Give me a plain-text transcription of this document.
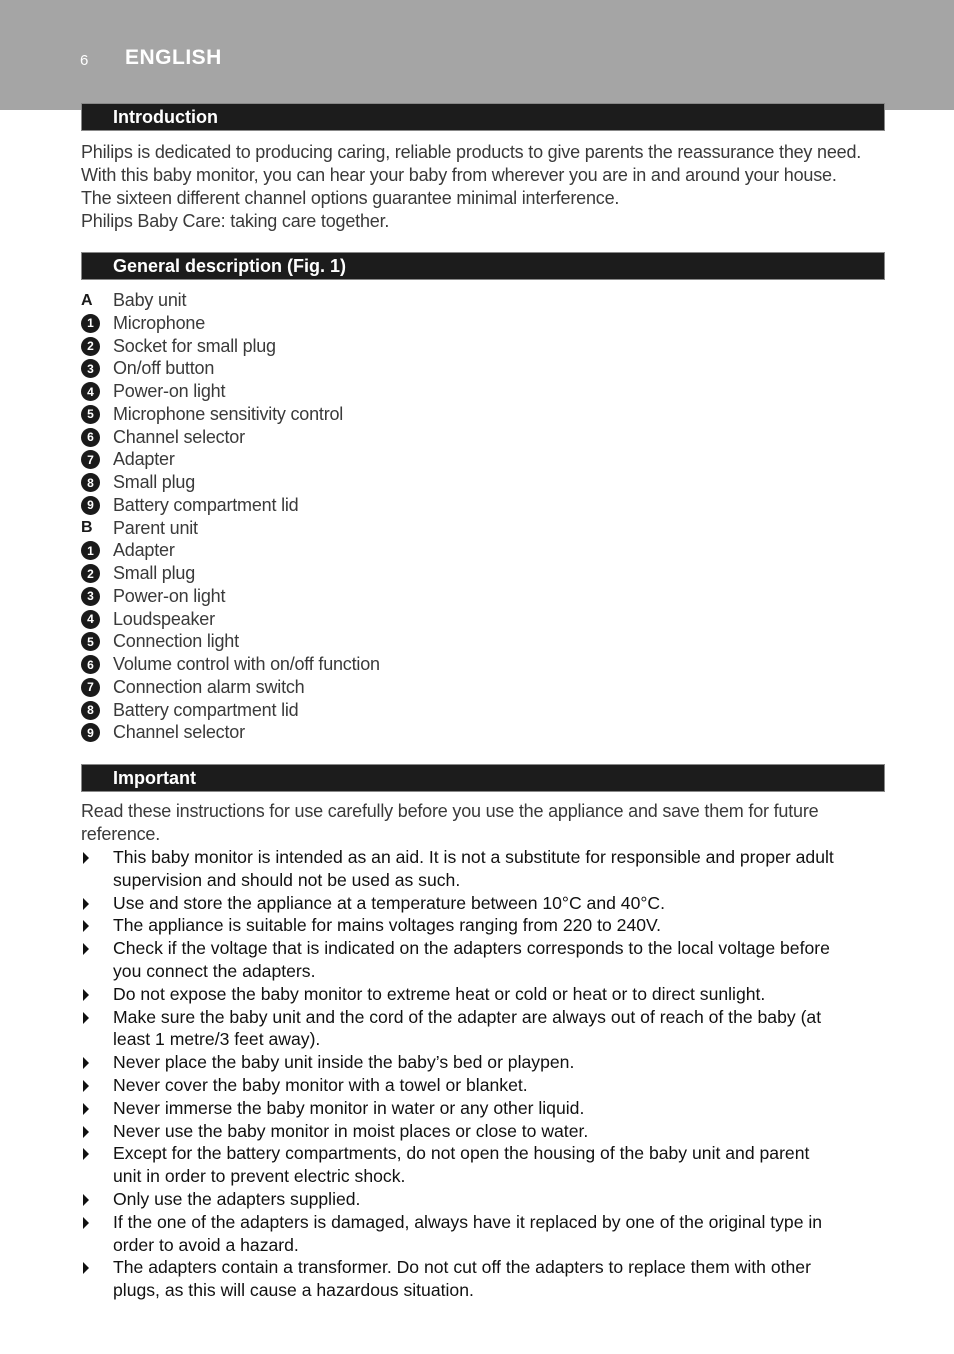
6 ENGLISH
Introduction
Philips is dedicated to producing caring, reliable products to give parents the reassurance they need.
With this baby monitor, you can hear your baby from wherever you are in and around your house.
The sixteen different channel options guarantee minimal interference.
Philips Baby Care: taking care together.
General description (Fig. 1)
A	Baby unit
1	Microphone
2	Socket for small plug
3	On/off button
4	Power-on light
5	Microphone sensitivity control
6	Channel selector
7	Adapter
8	Small plug
9	Battery compartment lid
B	Parent unit
1	Adapter
2	Small plug
3	Power-on light
4	Loudspeaker
5	Connection light
6	Volume control with on/off function
7	Connection alarm switch
8	Battery compartment lid
9	Channel selector
Important
Read these instructions for use carefully before you use the appliance and save them for future
reference.
This baby monitor is intended as an aid. It is not a substitute for responsible and proper adult
supervision and should not be used as such.
Use and store the appliance at a temperature between 10°C and 40°C.
The appliance is suitable for mains voltages ranging from 220 to 240V.
Check if the voltage that is indicated on the adapters corresponds to the local voltage before
you connect the adapters.
Do not expose the baby monitor to extreme heat or cold or heat or to direct sunlight.
Make sure the baby unit and the cord of the adapter are always out of reach of the baby (at
least 1 metre/3 feet away).
Never place the baby unit inside the baby’s bed or playpen.
Never cover the baby monitor with a towel or blanket.
Never immerse the baby monitor in water or any other liquid.
Never use the baby monitor in moist places or close to water.
Except for the battery compartments, do not open the housing of the baby unit and parent
unit in order to prevent electric shock.
Only use the adapters supplied.
If the one of the adapters is damaged, always have it replaced by one of the original type in
order to avoid a hazard.
The adapters contain a transformer. Do not cut off the adapters to replace them with other
plugs, as this will cause a hazardous situation.
